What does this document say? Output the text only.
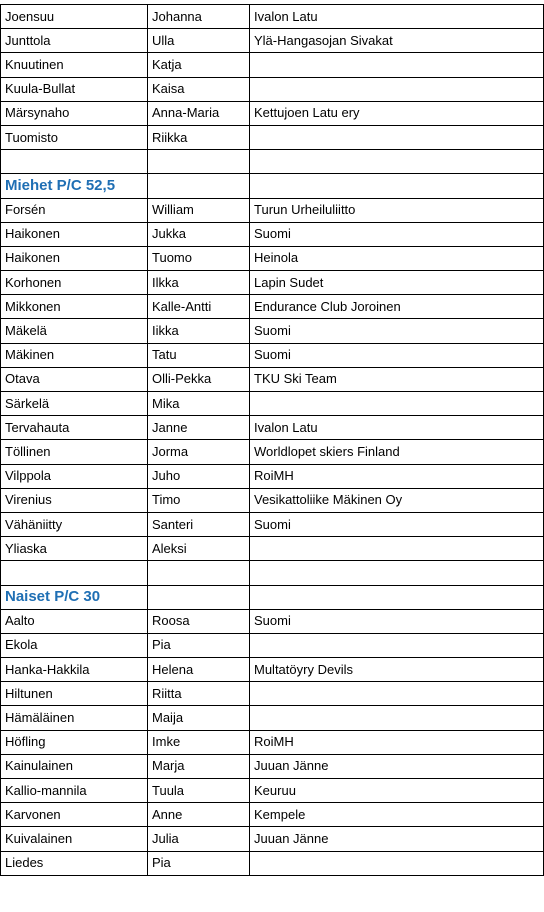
Joensuu	Johanna	Ivalon Latu
Junttola	Ulla	Ylä-Hangasojan Sivakat
Knuutinen	Katja	
Kuula-Bullat	Kaisa	
Märsynaho	Anna-Maria	Kettujoen Latu ery
Tuomisto	Riikka	

Miehet P/C 52,5		
Forsén	William	Turun Urheiluliitto
Haikonen	Jukka	Suomi
Haikonen	Tuomo	Heinola
Korhonen	Ilkka	Lapin Sudet
Mikkonen	Kalle-Antti	Endurance Club Joroinen
Mäkelä	Iikka	Suomi
Mäkinen	Tatu	Suomi
Otava	Olli-Pekka	TKU Ski Team
Särkelä	Mika	
Tervahauta	Janne	Ivalon Latu
Töllinen	Jorma	Worldlopet skiers Finland
Vilppola	Juho	RoiMH
Virenius	Timo	Vesikattoliike Mäkinen Oy
Vähäniitty	Santeri	Suomi
Yliaska	Aleksi	

Naiset P/C 30		
Aalto	Roosa	Suomi
Ekola	Pia	
Hanka-Hakkila	Helena	Multatöyry Devils
Hiltunen	Riitta	
Hämäläinen	Maija	
Höfling	Imke	RoiMH
Kainulainen	Marja	Juuan Jänne
Kallio-mannila	Tuula	Keuruu
Karvonen	Anne	Kempele
Kuivalainen	Julia	Juuan Jänne
Liedes	Pia	
